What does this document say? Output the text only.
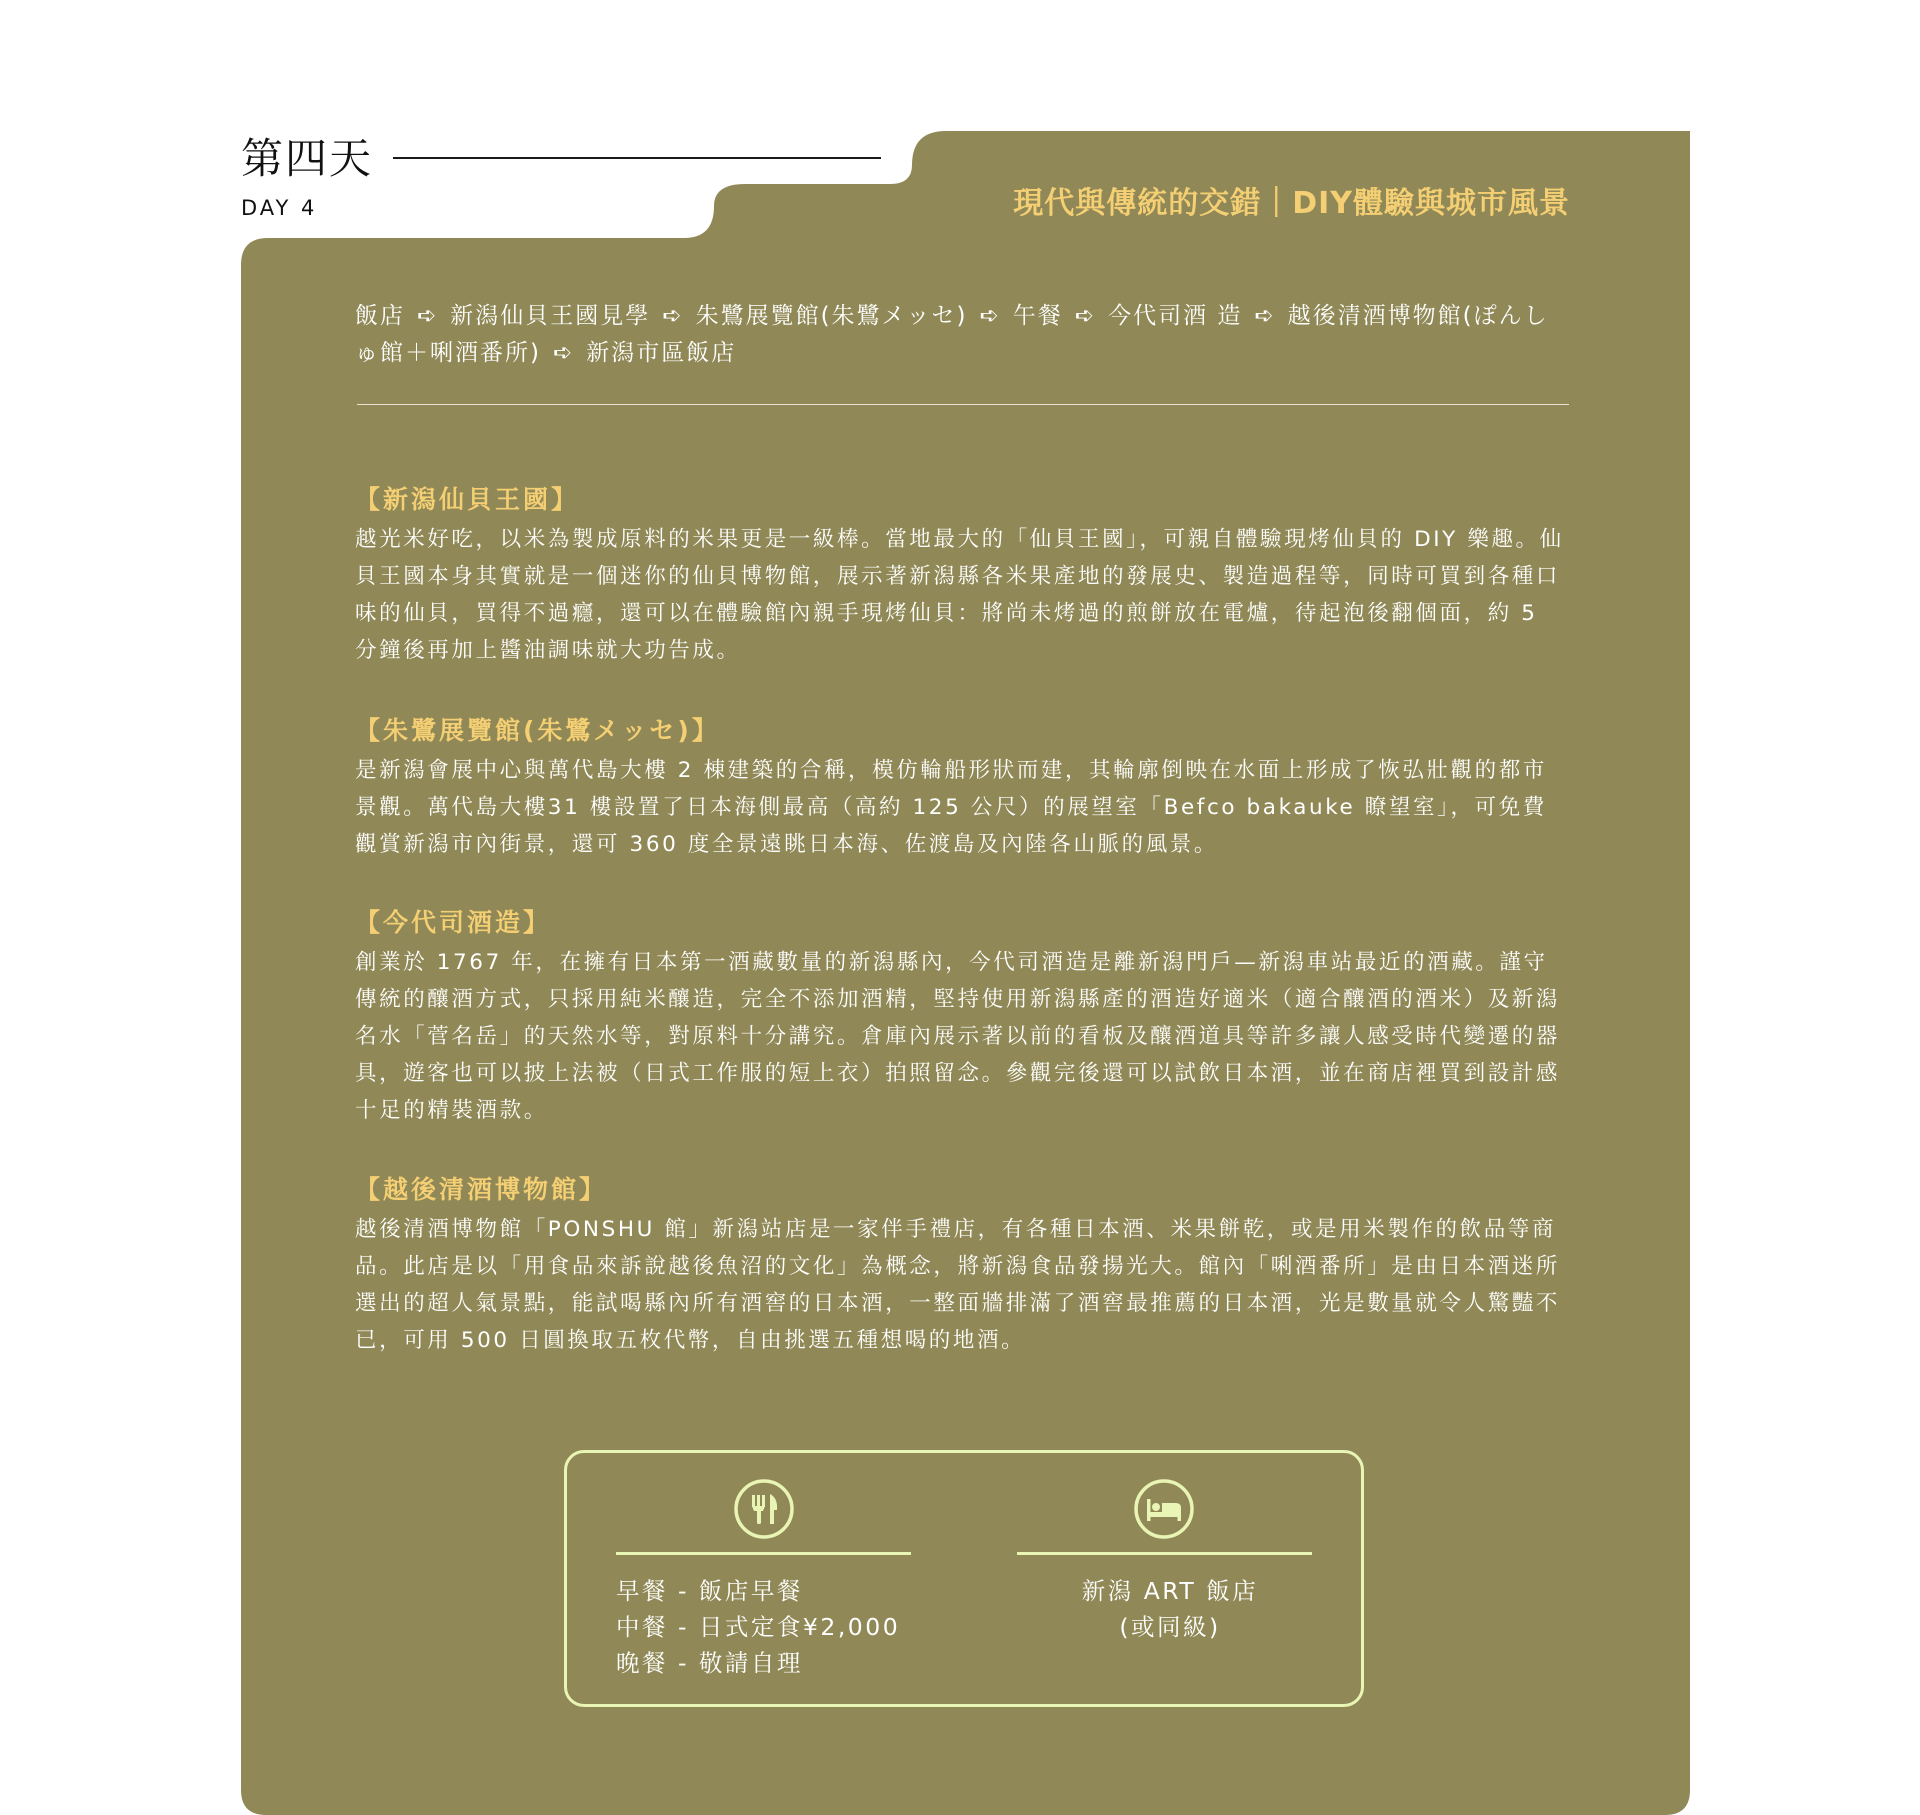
第四天
DAY 4	現代與傳統的交錯｜DIY體驗與城市風景
飯店 ➪ 新潟仙貝王國見學 ➪ 朱鷺展覽館(朱鷺メッセ) ➪ 午餐 ➪ 今代司酒 造 ➪ 越後清酒博物館(ぽんしゅ館＋唎酒番所) ➪ 新潟市區飯店
【新潟仙貝王國】
越光米好吃，以米為製成原料的米果更是一級棒。當地最大的「仙貝王國」，可親自體驗現烤仙貝的 DIY 樂趣。仙貝王國本身其實就是一個迷你的仙貝博物館，展示著新潟縣各米果產地的發展史、製造過程等，同時可買到各種口味的仙貝，買得不過癮，還可以在體驗館內親手現烤仙貝：將尚未烤過的煎餅放在電爐，待起泡後翻個面，約 5 分鐘後再加上醬油調味就大功告成。
【朱鷺展覽館(朱鷺メッセ)】
是新潟會展中心與萬代島大樓 2 棟建築的合稱，模仿輪船形狀而建，其輪廓倒映在水面上形成了恢弘壯觀的都市景觀。萬代島大樓31 樓設置了日本海側最高（高約 125 公尺）的展望室「Befco bakauke 瞭望室」，可免費觀賞新潟市內街景，還可 360 度全景遠眺日本海、佐渡島及內陸各山脈的風景。
【今代司酒造】
創業於 1767 年，在擁有日本第一酒藏數量的新潟縣內，今代司酒造是離新潟門戶—新潟車站最近的酒藏。謹守傳統的釀酒方式，只採用純米釀造，完全不添加酒精，堅持使用新潟縣產的酒造好適米（適合釀酒的酒米）及新潟名水「菅名岳」的天然水等，對原料十分講究。倉庫內展示著以前的看板及釀酒道具等許多讓人感受時代變遷的器具，遊客也可以披上法被（日式工作服的短上衣）拍照留念。參觀完後還可以試飲日本酒，並在商店裡買到設計感十足的精裝酒款。
【越後清酒博物館】
越後清酒博物館「PONSHU 館」新潟站店是一家伴手禮店，有各種日本酒、米果餅乾，或是用米製作的飲品等商品。此店是以「用食品來訴說越後魚沼的文化」為概念，將新潟食品發揚光大。館內「唎酒番所」是由日本酒迷所選出的超人氣景點，能試喝縣內所有酒窖的日本酒，一整面牆排滿了酒窖最推薦的日本酒，光是數量就令人驚豔不已，可用 500 日圓換取五枚代幣，自由挑選五種想喝的地酒。
早餐 - 飯店早餐
中餐 - 日式定食¥2,000
晚餐 - 敬請自理
新潟 ART 飯店
(或同級)
